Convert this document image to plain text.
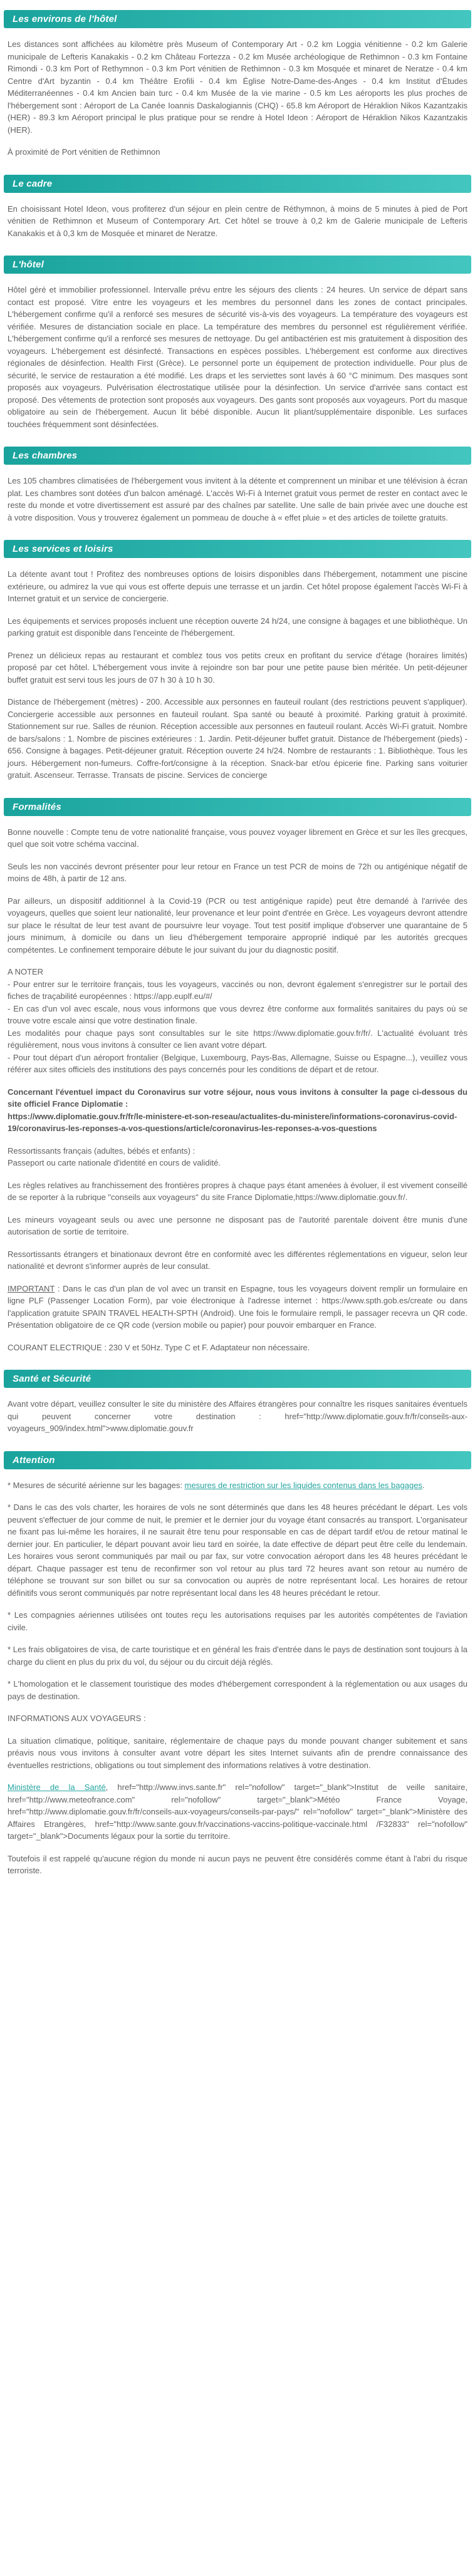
Les environs de l'hôtel

Les distances sont affichées au kilomètre près Museum of Contemporary Art - 0.2 km Loggia vénitienne - 0.2 km Galerie municipale de Lefteris Kanakakis - 0.2 km Château Fortezza - 0.2 km Musée archéologique de Rethimnon - 0.3 km Fontaine Rimondi - 0.3 km Port of Rethymnon - 0.3 km Port vénitien de Rethimnon - 0.3 km Mosquée et minaret de Neratze - 0.4 km Centre d'Art byzantin - 0.4 km Théâtre Erofili - 0.4 km Église Notre-Dame-des-Anges - 0.4 km Institut d'Études Méditerranéennes - 0.4 km Ancien bain turc - 0.4 km Musée de la vie marine - 0.5 km Les aéroports les plus proches de l'hébergement sont : Aéroport de La Canée Ioannis Daskalogiannis (CHQ) - 65.8 km Aéroport de Héraklion Nikos Kazantzakis (HER) - 89.3 km Aéroport principal le plus pratique pour se rendre à Hotel Ideon : Aéroport de Héraklion Nikos Kazantzakis (HER).

À proximité de Port vénitien de Rethimnon

Le cadre

En choisissant Hotel Ideon, vous profiterez d'un séjour en plein centre de Réthymnon, à moins de 5 minutes à pied de Port vénitien de Rethimnon et Museum of Contemporary Art. Cet hôtel se trouve à 0,2 km de Galerie municipale de Lefteris Kanakakis et à 0,3 km de Mosquée et minaret de Neratze.

L'hôtel

Hôtel géré et immobilier professionnel. Intervalle prévu entre les séjours des clients : 24 heures. Un service de départ sans contact est proposé. Vitre entre les voyageurs et les membres du personnel dans les zones de contact principales. L'hébergement confirme qu'il a renforcé ses mesures de sécurité vis-à-vis des voyageurs. La température des voyageurs est vérifiée. Mesures de distanciation sociale en place. La température des membres du personnel est régulièrement vérifiée. L'hébergement confirme qu'il a renforcé ses mesures de nettoyage. Du gel antibactérien est mis gratuitement à disposition des voyageurs. L'hébergement est désinfecté. Transactions en espèces possibles. L'hébergement est conforme aux directives régionales de désinfection. Health First (Grèce). Le personnel porte un équipement de protection individuelle. Pour plus de sécurité, le service de restauration a été modifié. Les draps et les serviettes sont lavés à 60 °C minimum. Des masques sont proposés aux voyageurs. Pulvérisation électrostatique utilisée pour la désinfection. Un service d'arrivée sans contact est proposé. Des vêtements de protection sont proposés aux voyageurs. Des gants sont proposés aux voyageurs. Port du masque obligatoire au sein de l'hébergement. Aucun lit bébé disponible. Aucun lit pliant/supplémentaire disponible. Les surfaces touchées fréquemment sont désinfectées.

Les chambres

Les 105 chambres climatisées de l'hébergement vous invitent à la détente et comprennent un minibar et une télévision à écran plat. Les chambres sont dotées d'un balcon aménagé. L'accès Wi-Fi à Internet gratuit vous permet de rester en contact avec le reste du monde et votre divertissement est assuré par des chaînes par satellite. Une salle de bain privée avec une douche est à votre disposition. Vous y trouverez également un pommeau de douche à « effet pluie » et des articles de toilette gratuits.

Les services et loisirs

La détente avant tout ! Profitez des nombreuses options de loisirs disponibles dans l'hébergement, notamment une piscine extérieure, ou admirez la vue qui vous est offerte depuis une terrasse et un jardin. Cet hôtel propose également l'accès Wi-Fi à Internet gratuit et un service de conciergerie.

Les équipements et services proposés incluent une réception ouverte 24 h/24, une consigne à bagages et une bibliothèque. Un parking gratuit est disponible dans l'enceinte de l'hébergement.

Prenez un délicieux repas au restaurant et comblez tous vos petits creux en profitant du service d'étage (horaires limités) proposé par cet hôtel. L'hébergement vous invite à rejoindre son bar pour une petite pause bien méritée. Un petit-déjeuner buffet gratuit est servi tous les jours de 07 h 30 à 10 h 30.

Distance de l'hébergement (mètres) - 200. Accessible aux personnes en fauteuil roulant (des restrictions peuvent s'appliquer). Conciergerie accessible aux personnes en fauteuil roulant. Spa santé ou beauté à proximité. Parking gratuit à proximité. Stationnement sur rue. Salles de réunion. Réception accessible aux personnes en fauteuil roulant. Accès Wi-Fi gratuit. Nombre de bars/salons : 1. Nombre de piscines extérieures : 1. Jardin. Petit-déjeuner buffet gratuit. Distance de l'hébergement (pieds) - 656. Consigne à bagages. Petit-déjeuner gratuit. Réception ouverte 24 h/24. Nombre de restaurants : 1. Bibliothèque. Tous les jours. Hébergement non-fumeurs. Coffre-fort/consigne à la réception. Snack-bar et/ou épicerie fine. Parking sans voiturier gratuit. Ascenseur. Terrasse. Transats de piscine. Services de concierge

Formalités

Bonne nouvelle : Compte tenu de votre nationalité française, vous pouvez voyager librement en Grèce et sur les îles grecques, quel que soit votre schéma vaccinal.

Seuls les non vaccinés devront présenter pour leur retour en France un test PCR de moins de 72h ou antigénique négatif de moins de 48h, à partir de 12 ans.

Par ailleurs, un dispositif additionnel à la Covid-19 (PCR ou test antigénique rapide) peut être demandé à l'arrivée des voyageurs, quelles que soient leur nationalité, leur provenance et leur point d'entrée en Grèce. Les voyageurs devront attendre sur place le résultat de leur test avant de poursuivre leur voyage. Tout test positif implique d'observer une quarantaine de 5 jours minimum, à domicile ou dans un lieu d'hébergement temporaire approprié indiqué par les autorités grecques compétentes. Le confinement temporaire débute le jour suivant du jour du diagnostic positif.

A NOTER

- Pour entrer sur le territoire français, tous les voyageurs, vaccinés ou non, devront également s'enregistrer sur le portail des fiches de traçabilité européennes : https://app.euplf.eu/#/

- En cas d'un vol avec escale, nous vous informons que vous devrez être conforme aux formalités sanitaires du pays où se trouve votre escale ainsi que votre destination finale.

Les modalités pour chaque pays sont consultables sur le site https://www.diplomatie.gouv.fr/fr/. L'actualité évoluant très régulièrement, nous vous invitons à consulter ce lien avant votre départ.

- Pour tout départ d'un aéroport frontalier (Belgique, Luxembourg, Pays-Bas, Allemagne, Suisse ou Espagne...), veuillez vous référer aux sites officiels des institutions des pays concernés pour les conditions de départ et de retour.

Concernant l'éventuel impact du Coronavirus sur votre séjour, nous vous invitons à consulter la page ci-dessous du site officiel France Diplomatie :

https://www.diplomatie.gouv.fr/fr/le-ministere-et-son-reseau/actualites-du-ministere/informations-coronavirus-covid-19/coronavirus-les-reponses-a-vos-questions/article/coronavirus-les-reponses-a-vos-questions

Ressortissants français (adultes, bébés et enfants) :

Passeport ou carte nationale d'identité en cours de validité.

Les règles relatives au franchissement des frontières propres à chaque pays étant amenées à évoluer, il est vivement conseillé de se reporter à la rubrique "conseils aux voyageurs" du site France Diplomatie,https://www.diplomatie.gouv.fr/.

Les mineurs voyageant seuls ou avec une personne ne disposant pas de l'autorité parentale doivent être munis d'une autorisation de sortie de territoire.

Ressortissants étrangers et binationaux devront être en conformité avec les différentes réglementations en vigueur, selon leur nationalité et devront s'informer auprès de leur consulat.

IMPORTANT : Dans le cas d'un plan de vol avec un transit en Espagne, tous les voyageurs doivent remplir un formulaire en ligne PLF (Passenger Location Form), par voie électronique à l'adresse internet : https://www.spth.gob.es/create ou dans l'application gratuite SPAIN TRAVEL HEALTH-SPTH (Android). Une fois le formulaire rempli, le passager recevra un QR code. Présentation obligatoire de ce QR code (version mobile ou papier) pour pouvoir embarquer en France.

COURANT ELECTRIQUE : 230 V et 50Hz. Type C et F. Adaptateur non nécessaire.

Santé et Sécurité

Avant votre départ, veuillez consulter le site du ministère des Affaires étrangères pour connaître les risques sanitaires éventuels qui peuvent concerner votre destination : href="http://www.diplomatie.gouv.fr/fr/conseils-aux-voyageurs_909/index.html">www.diplomatie.gouv.fr

Attention

* Mesures de sécurité aérienne sur les bagages: mesures de restriction sur les liquides contenus dans les bagages.

* Dans le cas des vols charter, les horaires de vols ne sont déterminés que dans les 48 heures précédant le départ. Les vols peuvent s'effectuer de jour comme de nuit, le premier et le dernier jour du voyage étant consacrés au transport. L'organisateur ne fixant pas lui-même les horaires, il ne saurait être tenu pour responsable en cas de départ tardif et/ou de retour matinal le dernier jour. En particulier, le départ pouvant avoir lieu tard en soirée, la date effective de départ peut être celle du lendemain. Les horaires vous seront communiqués par mail ou par fax, sur votre convocation aéroport dans les 48 heures précédant le départ. Chaque passager est tenu de reconfirmer son vol retour au plus tard 72 heures avant son retour au numéro de téléphone se trouvant sur son billet ou sur sa convocation ou auprès de notre représentant local. Les horaires de retour définitifs vous seront communiqués par notre représentant local dans les 48 heures précédant le retour.

* Les compagnies aériennes utilisées ont toutes reçu les autorisations requises par les autorités compétentes de l'aviation civile.

* Les frais obligatoires de visa, de carte touristique et en général les frais d'entrée dans le pays de destination sont toujours à la charge du client en plus du prix du vol, du séjour ou du circuit déjà réglés.

* L'homologation et le classement touristique des modes d'hébergement correspondent à la réglementation ou aux usages du pays de destination.

INFORMATIONS AUX VOYAGEURS :

La situation climatique, politique, sanitaire, réglementaire de chaque pays du monde pouvant changer subitement et sans préavis nous vous invitons à consulter avant votre départ les sites Internet suivants afin de prendre connaissance des éventuelles restrictions, obligations ou tout simplement des informations relatives à votre destination.

Ministère de la Santé, href="http://www.invs.sante.fr" rel="nofollow" target="_blank">Institut de veille sanitaire, href="http://www.meteofrance.com" rel="nofollow" target="_blank">Météo France Voyage, href="http://www.diplomatie.gouv.fr/fr/conseils-aux-voyageurs/conseils-par-pays/" rel="nofollow" target="_blank">Ministère des Affaires Etrangères, href="http://www.sante.gouv.fr/vaccinations-vaccins-politique-vaccinale.html /F32833" rel="nofollow" target="_blank">Documents légaux pour la sortie du territoire.

Toutefois il est rappelé qu'aucune région du monde ni aucun pays ne peuvent être considérés comme étant à l'abri du risque terroriste.
